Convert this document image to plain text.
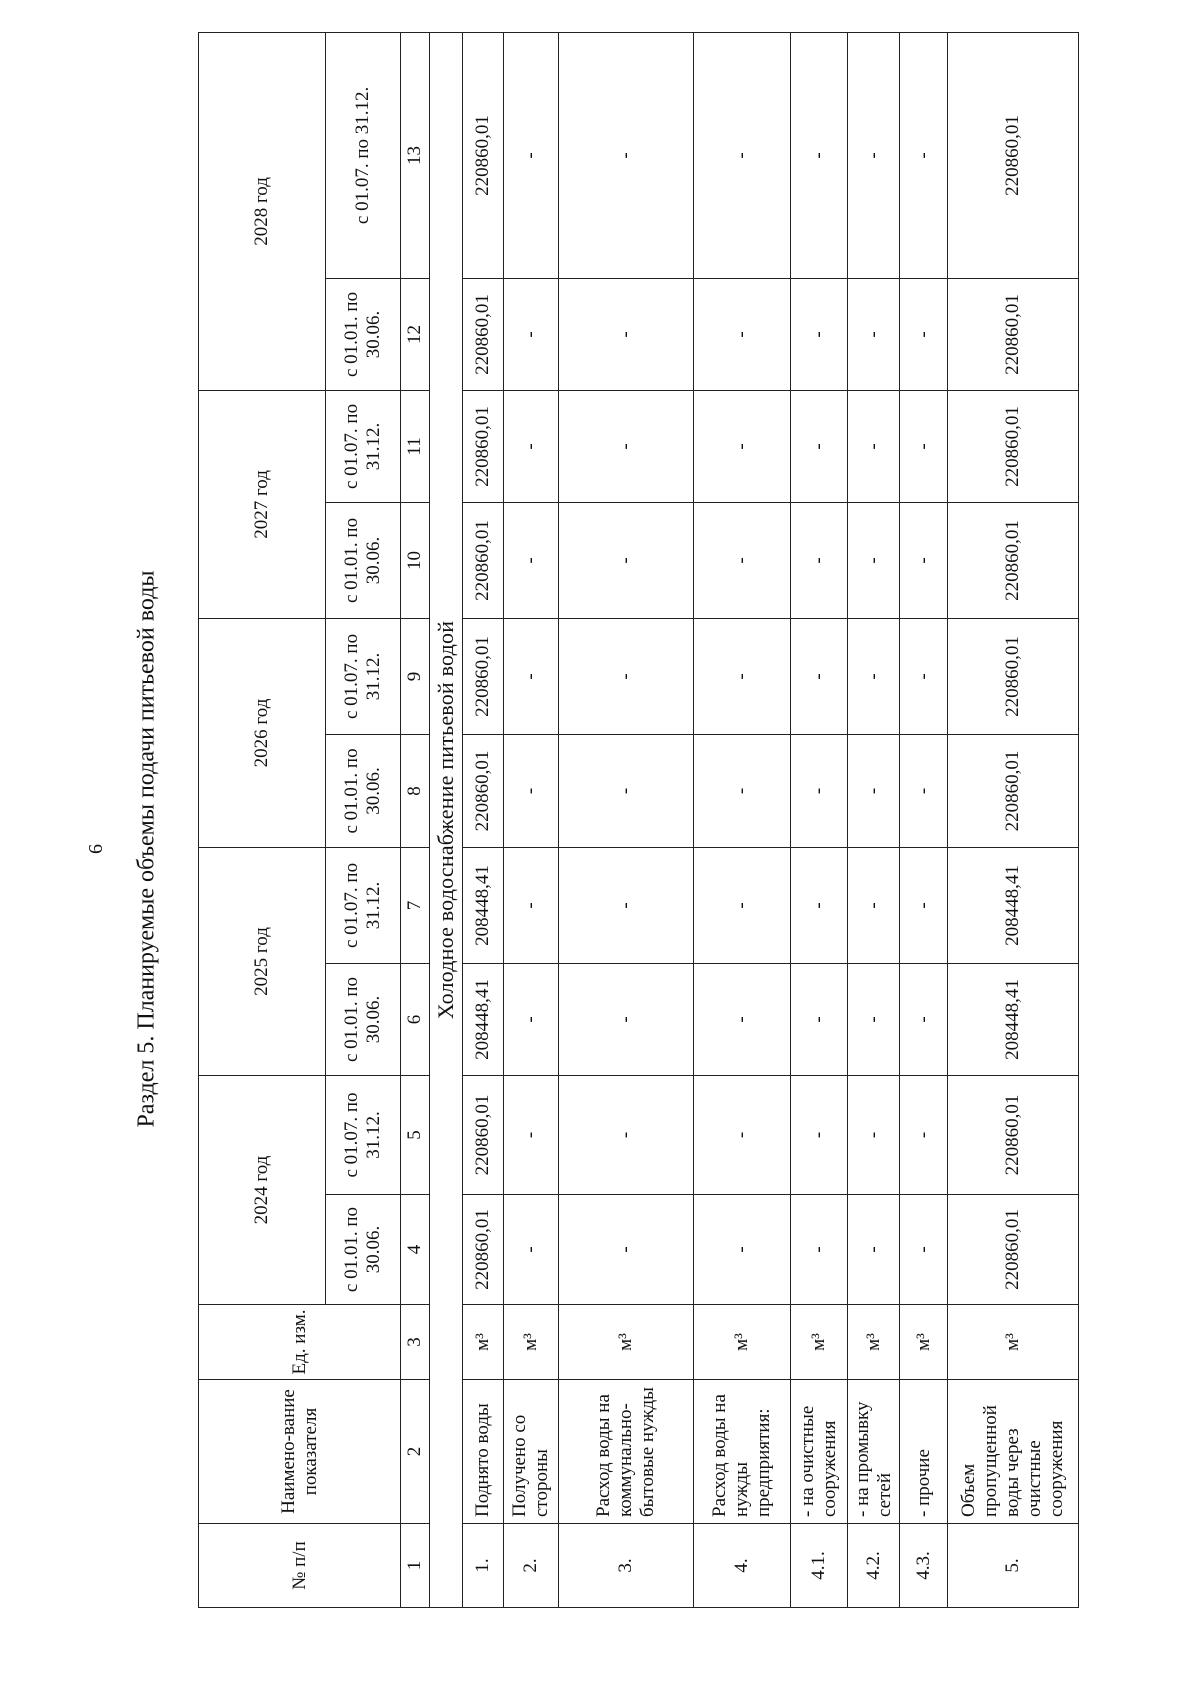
6	Раздел 5. Планируемые объемы подачи питьевой воды
№ п/п	Наимено-вание показателя	Ед. изм.	2024 год		2025 год		2026 год		2027 год		2028 год	
			с 01.01. по 30.06.	с 01.07. по 31.12.	с 01.01. по 30.06.	с 01.07. по 31.12.	с 01.01. по 30.06.	с 01.07. по 31.12.	с 01.01. по 30.06.	с 01.07. по 31.12.	с 01.01. по 30.06.	с 01.07. по 31.12.
1	2	3	4	5	6	7	8	9	10	11	12	13
Холодное водоснабжение питьевой водой												
1.	Поднято воды	м³	220860,01	220860,01	208448,41	208448,41	220860,01	220860,01	220860,01	220860,01	220860,01	220860,01
2.	Получено со стороны	м³	-	-	-	-	-	-	-	-	-	-
3.	Расход воды на коммунально-бытовые нужды	м³	-	-	-	-	-	-	-	-	-	-
4.	Расход воды на нужды предприятия:	м³	-	-	-	-	-	-	-	-	-	-
4.1.	- на очистные сооружения	м³	-	-	-	-	-	-	-	-	-	-
4.2.	- на промывку сетей	м³	-	-	-	-	-	-	-	-	-	-
4.3.	- прочие	м³	-	-	-	-	-	-	-	-	-	-
5.	Объем пропущенной воды через очистные сооружения	м³	220860,01	220860,01	208448,41	208448,41	220860,01	220860,01	220860,01	220860,01	220860,01	220860,01
